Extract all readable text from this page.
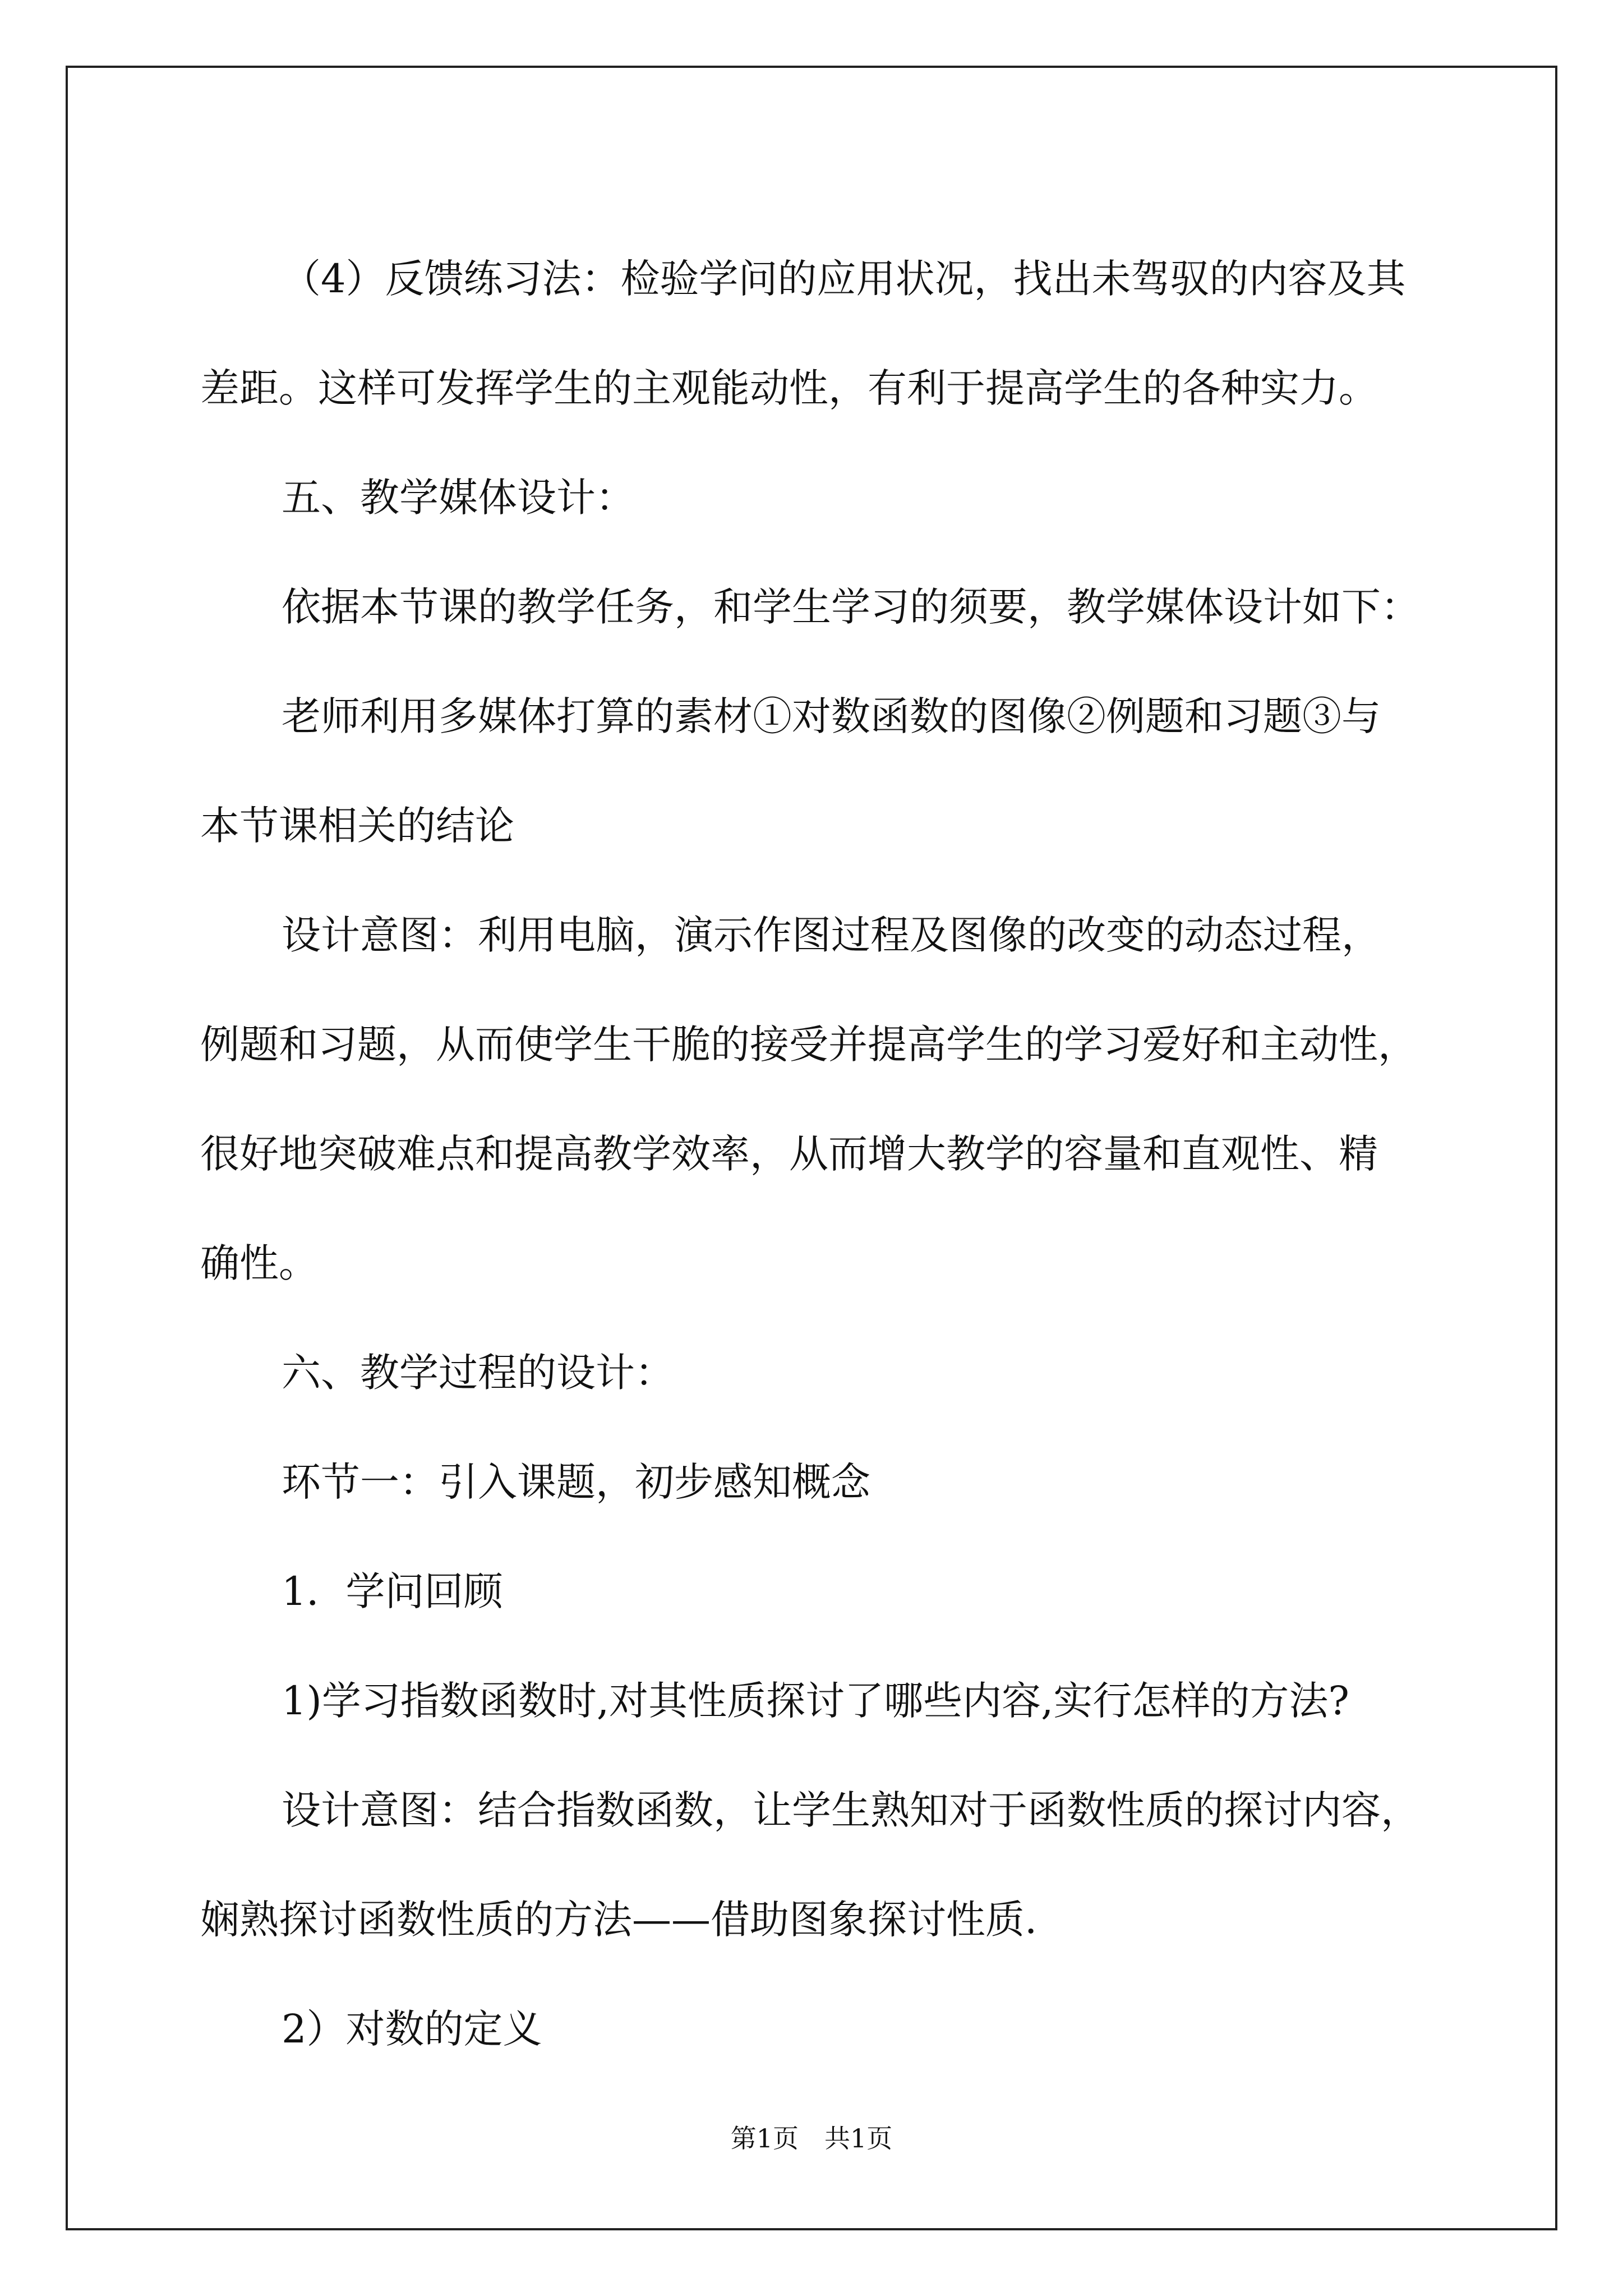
（4）反馈练习法：检验学问的应用状况，找出未驾驭的内容及其

差距。这样可发挥学生的主观能动性，有利于提高学生的各种实力。

五、教学媒体设计：

依据本节课的教学任务，和学生学习的须要，教学媒体设计如下：

老师利用多媒体打算的素材①对数函数的图像②例题和习题③与

本节课相关的结论

设计意图：利用电脑，演示作图过程及图像的改变的动态过程，

例题和习题，从而使学生干脆的接受并提高学生的学习爱好和主动性，

很好地突破难点和提高教学效率，从而增大教学的容量和直观性、精

确性。

六、教学过程的设计：

环节一：引入课题，初步感知概念

1．学问回顾

1)学习指数函数时,对其性质探讨了哪些内容,实行怎样的方法?

设计意图：结合指数函数，让学生熟知对于函数性质的探讨内容，

娴熟探讨函数性质的方法——借助图象探讨性质.

2）对数的定义

第1页　共1页
